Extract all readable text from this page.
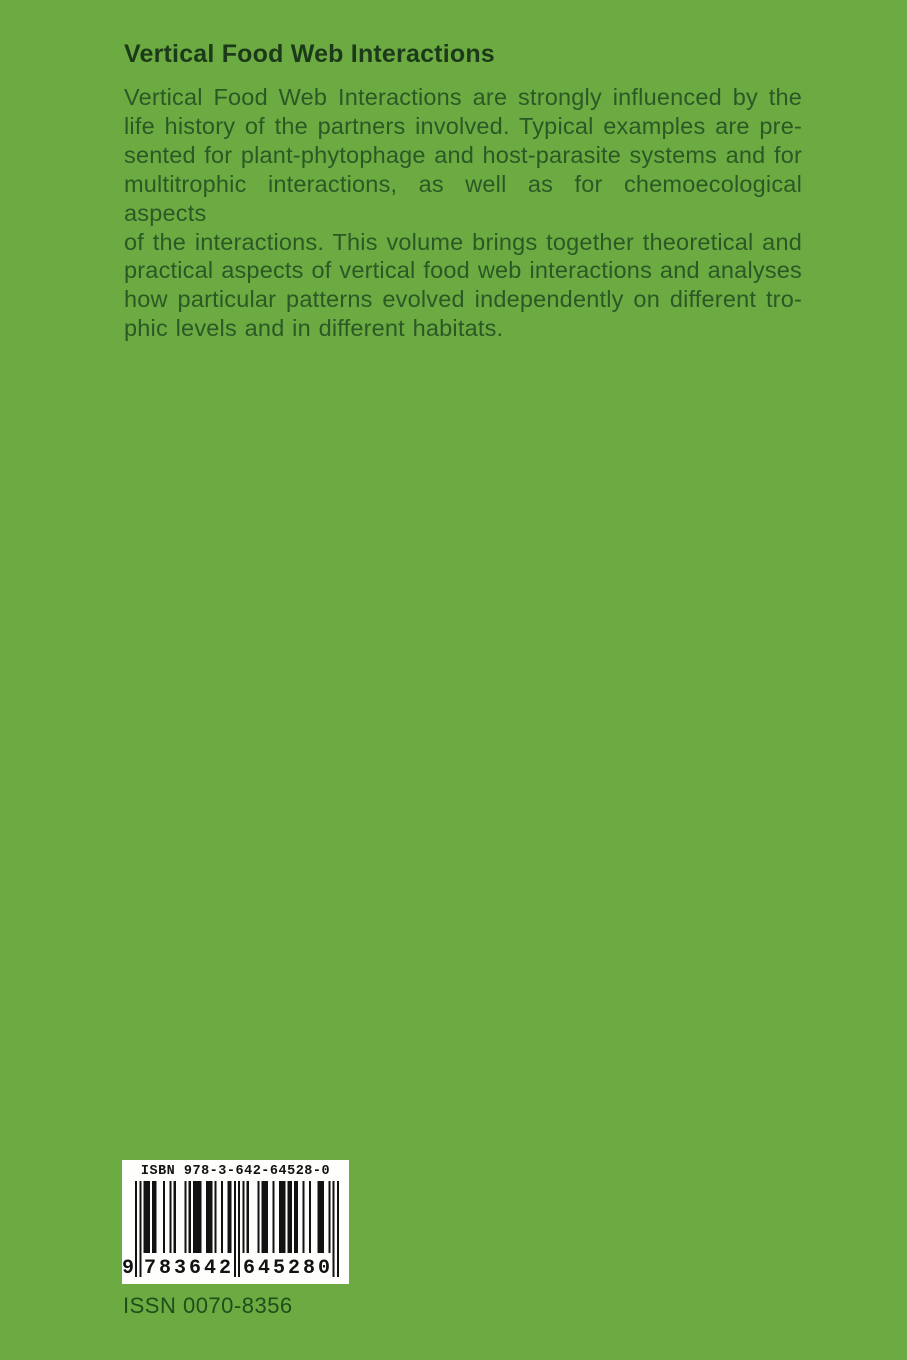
Vertical Food Web Interactions
Vertical Food Web Interactions are strongly influenced by the
life history of the partners involved. Typical examples are pre-
sented for plant-phytophage and host-parasite systems and for
multitrophic interactions, as well as for chemoecological aspects
of the interactions. This volume brings together theoretical and
practical aspects of vertical food web interactions and analyses
how particular patterns evolved independently on different tro-
phic levels and in different habitats.
ISBN 978-3-642-64528-0
9 783642 645280
ISSN 0070-8356
